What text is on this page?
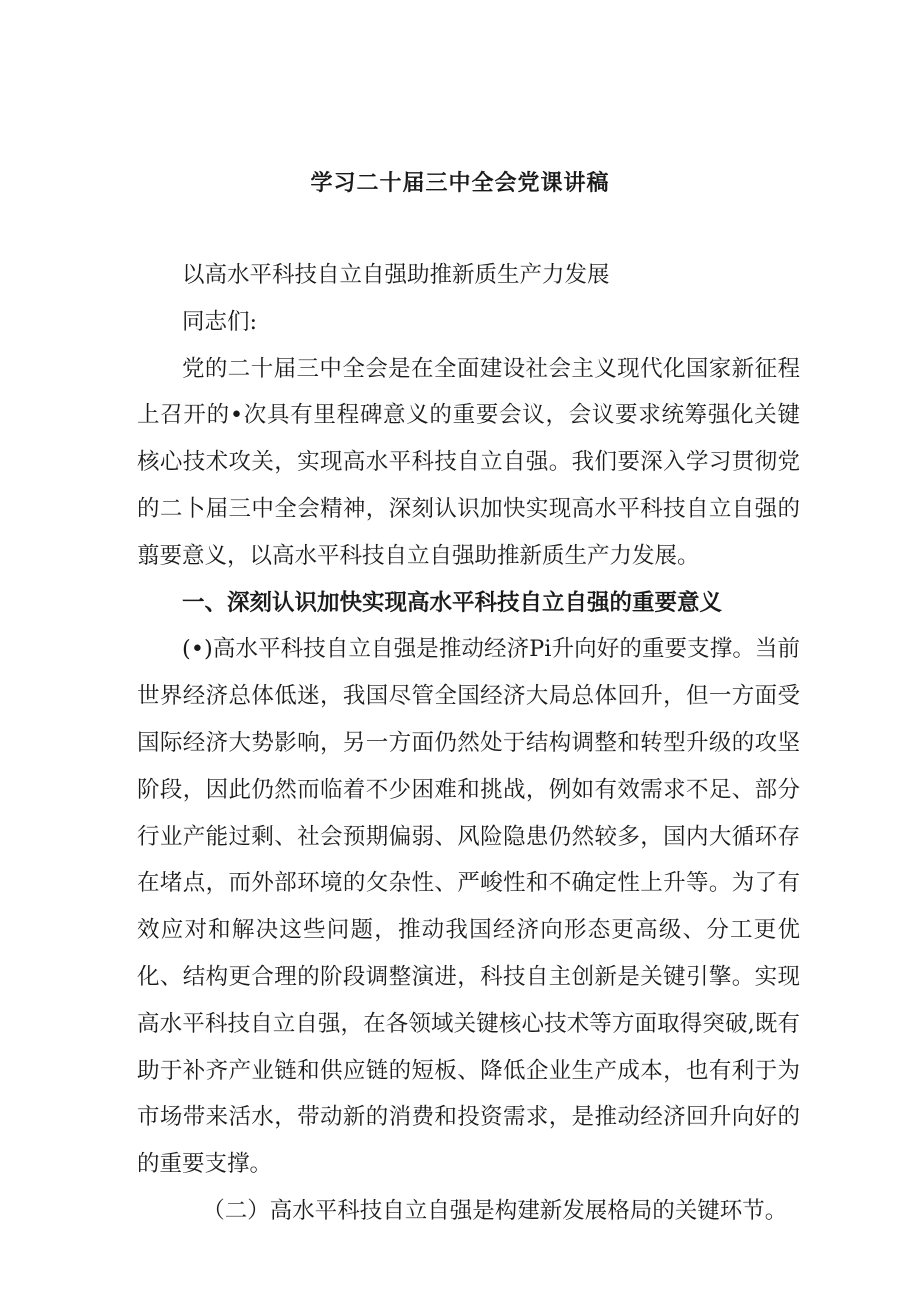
学习二十届三中全会党课讲稿

以高水平科技自立自强助推新质生产力发展

同志们:

党的二十届三中全会是在全面建设社会主义现代化国家新征程上召开的•次具有里程碑意义的重要会议，会议要求统筹强化关键核心技术攻关，实现高水平科技自立自强。我们要深入学习贯彻党的二卜届三中全会精神，深刻认识加快实现高水平科技自立自强的翦要意义，以高水平科技自立自强助推新质生产力发展。

一、深刻认识加快实现高水平科技自立自强的重要意义

(•)高水平科技自立自强是推动经济Pi升向好的重要支撑。当前世界经济总体低迷，我国尽管全国经济大局总体回升，但一方面受国际经济大势影响，另一方面仍然处于结构调整和转型升级的攻坚阶段，因此仍然而临着不少困难和挑战，例如有效需求不足、部分行业产能过剩、社会预期偏弱、风险隐患仍然较多，国内大循环存在堵点，而外部环境的攵杂性、严峻性和不确定性上升等。为了有效应对和解决这些问题，推动我国经济向形态更高级、分工更优化、结构更合理的阶段调整演进，科技自主创新是关键引擎。实现高水平科技自立自强，在各领域关键核心技术等方面取得突破,既有助于补齐产业链和供应链的短板、降低企业生产成本，也有利于为市场带来活水，带动新的消费和投资需求，是推动经济回升向好的的重要支撑。

（二）高水平科技自立自强是构建新发展格局的关键环节。
